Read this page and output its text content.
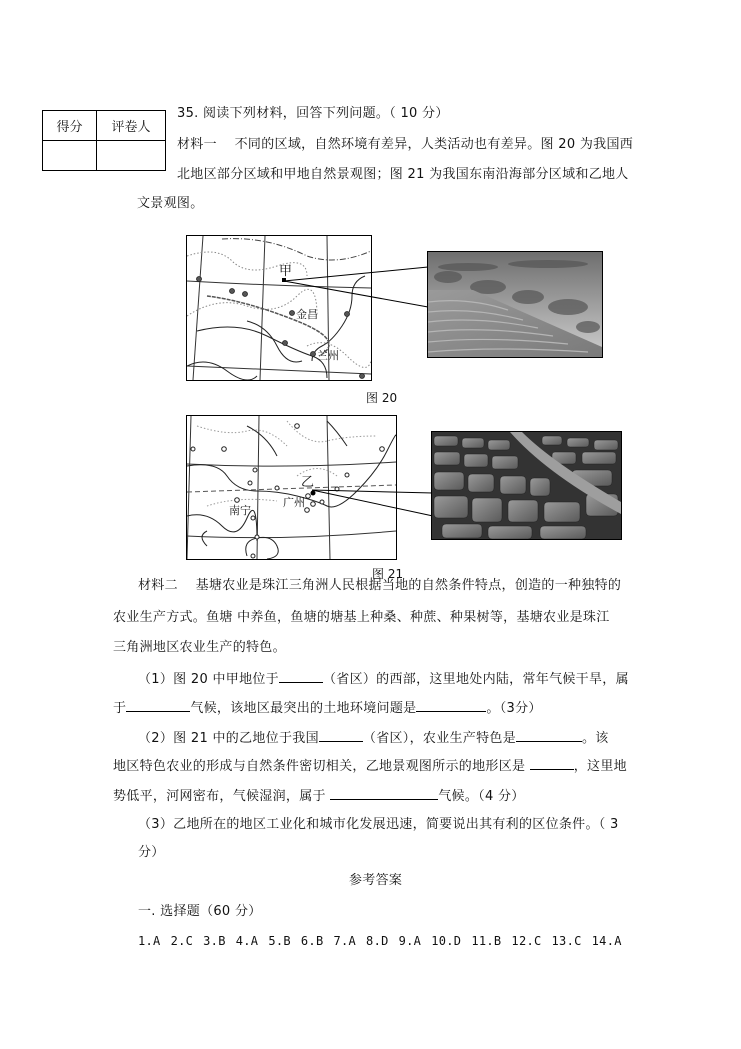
得分	评卷人

35. 阅读下列材料，回答下列问题。（ 10 分）
材料一　 不同的区域，自然环境有差异，人类活动也有差异。图 20 为我国西
北地区部分区域和甲地自然景观图；图 21 为我国东南沿海部分区域和乙地人
文景观图。
甲
金昌
兰州
图 20
乙
广州
南宁
图 21
材料二　 基塘农业是珠江三角洲人民根据当地的自然条件特点，创造的一种独特的
农业生产方式。鱼塘 中养鱼，鱼塘的塘基上种桑、种蔗、种果树等，基塘农业是珠江
三角洲地区农业生产的特色。
（1）图 20 中甲地位于	（省区）的西部，这里地处内陆，常年气候干旱，属
于	气候，该地区最突出的土地环境问题是	。（3分）
（2）图 21 中的乙地位于我国	（省区），农业生产特色是	。该
地区特色农业的形成与自然条件密切相关，乙地景观图所示的地形区是	，这里地
势低平，河网密布，气候湿润，属于	气候。（4 分）
（3）乙地所在的地区工业化和城市化发展迅速，简要说出其有利的区位条件。（ 3
分）
参考答案
一. 选择题（60 分）
1.A 2.C 3.B 4.A 5.B 6.B 7.A 8.D 9.A 10.D 11.B 12.C 13.C 14.A
